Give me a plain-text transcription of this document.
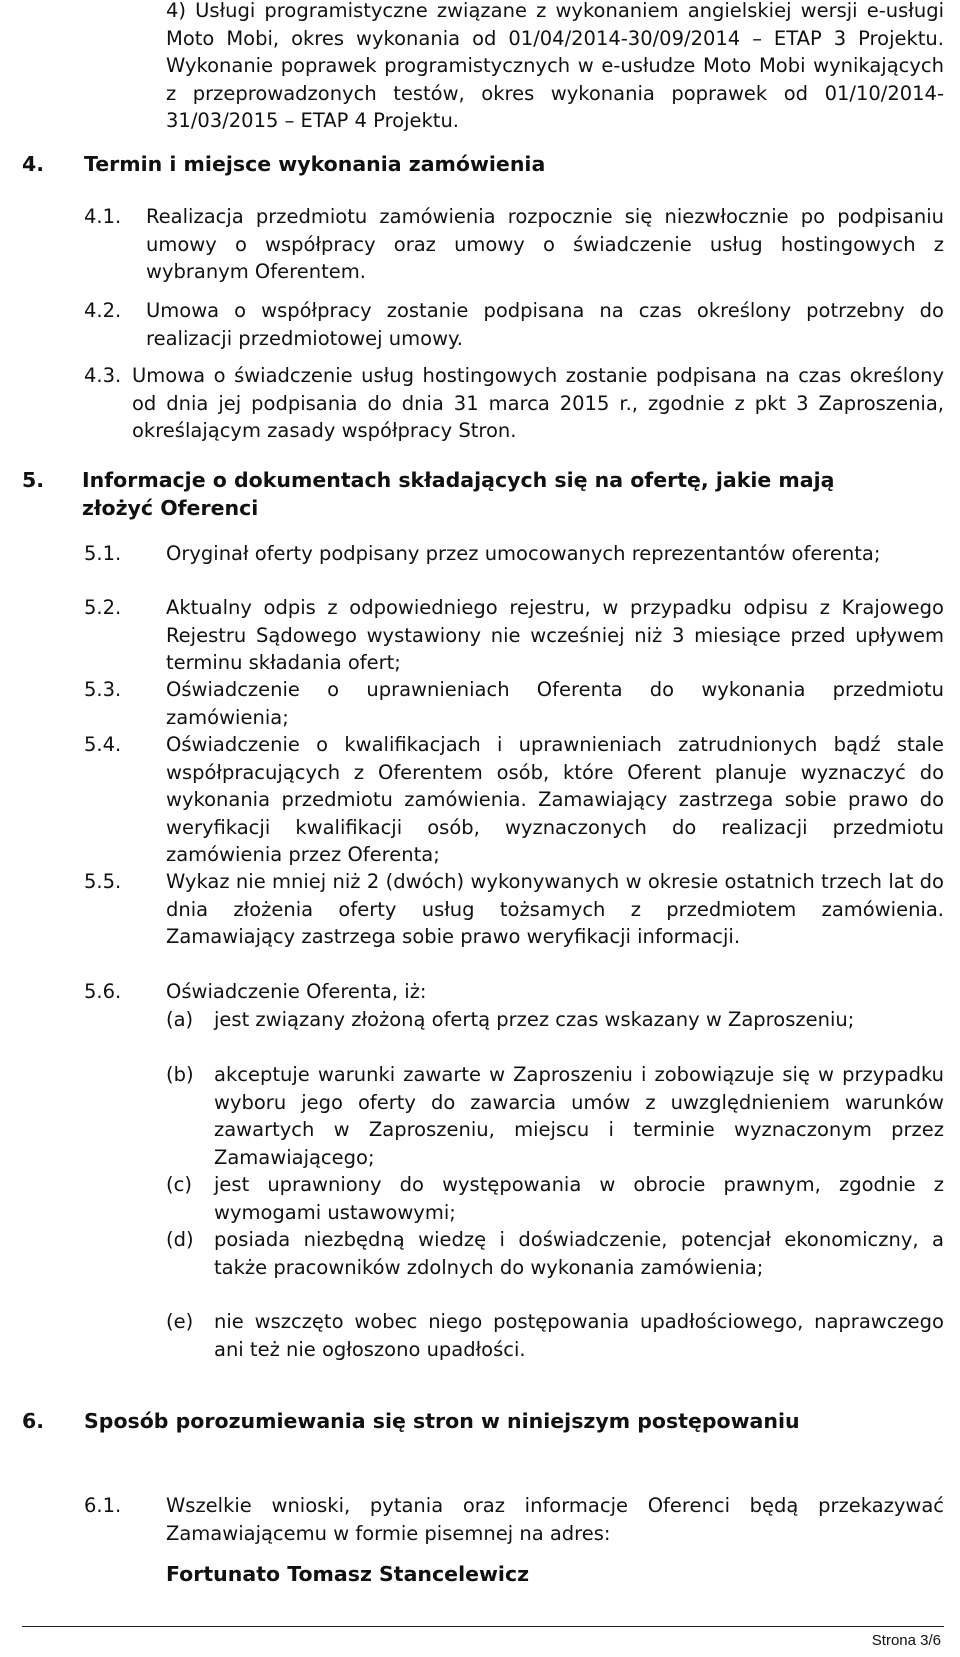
4) Usługi programistyczne związane z wykonaniem angielskiej wersji e-usługi Moto Mobi, okres wykonania od 01/04/2014-30/09/2014 – ETAP 3 Projektu. Wykonanie poprawek programistycznych w e-usłudze Moto Mobi wynikających z przeprowadzonych testów, okres wykonania poprawek od 01/10/2014-31/03/2015 – ETAP 4 Projektu.

4.	Termin i miejsce wykonania zamówienia
4.1.	Realizacja przedmiotu zamówienia rozpocznie się niezwłocznie po podpisaniu umowy o współpracy oraz umowy o świadczenie usług hostingowych z wybranym Oferentem.
4.2.	Umowa o współpracy zostanie podpisana na czas określony potrzebny do realizacji przedmiotowej umowy.
4.3. Umowa o świadczenie usług hostingowych zostanie podpisana na czas określony od dnia jej podpisania do dnia 31 marca 2015 r., zgodnie z pkt 3 Zaproszenia, określającym zasady współpracy Stron.
5.	Informacje o dokumentach składających się na ofertę, jakie mają złożyć Oferenci
5.1.	Oryginał oferty podpisany przez umocowanych reprezentantów oferenta;
5.2.	Aktualny odpis z odpowiedniego rejestru, w przypadku odpisu z Krajowego Rejestru Sądowego wystawiony nie wcześniej niż 3 miesiące przed upływem terminu składania ofert;
5.3.	Oświadczenie o uprawnieniach Oferenta do wykonania przedmiotu zamówienia;
5.4.	Oświadczenie o kwalifikacjach i uprawnieniach zatrudnionych bądź stale współpracujących z Oferentem osób, które Oferent planuje wyznaczyć do wykonania przedmiotu zamówienia. Zamawiający zastrzega sobie prawo do weryfikacji kwalifikacji osób, wyznaczonych do realizacji przedmiotu zamówienia przez Oferenta;
5.5.	Wykaz nie mniej niż 2 (dwóch) wykonywanych w okresie ostatnich trzech lat do dnia złożenia oferty usług tożsamych z przedmiotem zamówienia. Zamawiający zastrzega sobie prawo weryfikacji informacji.
5.6.	Oświadczenie Oferenta, iż:
(a)	jest związany złożoną ofertą przez czas wskazany w Zaproszeniu;
(b)	akceptuje warunki zawarte w Zaproszeniu i zobowiązuje się w przypadku wyboru jego oferty do zawarcia umów z uwzględnieniem warunków zawartych w Zaproszeniu, miejscu i terminie wyznaczonym przez Zamawiającego;
(c)	jest uprawniony do występowania w obrocie prawnym, zgodnie z wymogami ustawowymi;
(d)	posiada niezbędną wiedzę i doświadczenie, potencjał ekonomiczny, a także pracowników zdolnych do wykonania zamówienia;
(e)	nie wszczęto wobec niego postępowania upadłościowego, naprawczego ani też nie ogłoszono upadłości.
6.	Sposób porozumiewania się stron w niniejszym postępowaniu
6.1.	Wszelkie wnioski, pytania oraz informacje Oferenci będą przekazywać Zamawiającemu w formie pisemnej na adres:

Fortunato Tomasz Stancelewicz

Strona 3/6
